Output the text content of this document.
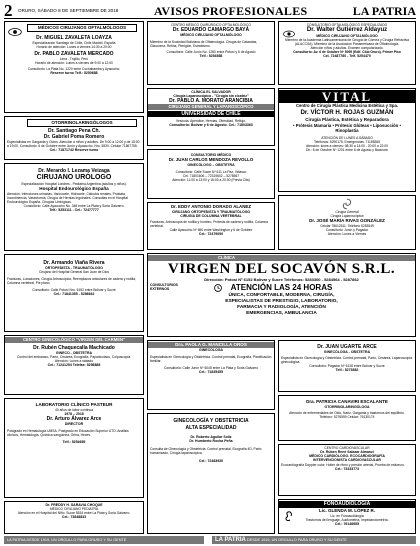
2 ORURO, SÁBADO 8 DE SEPTIEMBRE DE 2018	AVISOS PROFESIONALES	LA PATRIA
MÉDICOS CIRUJANOS OFTALMÓLOGOS
Dr. MIGUEL ZAVALETA LOAYZA
Especialización Santiago de Chile, Chile Madrid, España
Horario de atención: Lunes a viernes 14:30 a 20:00
Dr. PABLO ZAVALETA MERCADO
Lima - Trujillo, Perú
Horario de atención: Lunes a viernes de 9:00 a 12:00
Consultorio: La Plata No. 1220 entre Cochabamba y Ayacucho.
Reserve turno Telf.: 5250688
OTORRINOLARINGÓLOGOS
Dr. Santiago Pena Ch.
Dr. Gabriel Poma Romero
Especialistas en Garganta y Oídos. Atención a niños y adultos. De 9:00 a 12:00 y de 15:00 a 19:00. Consultorio: 6 de Octubre entre Junín y Ayacucho. Nro. 5530. Celular 71867755.
Cel.: 71871742 Reserve turno
Dr. Merardo I. Lezama Veizaga
CIRUJANO URÓLOGO
Especialización Hospital Londres - Pediatría Argentina (adultos y niños).
Hospital Endourológico España
Atención: Infecciones urinarias, Varicocele, Hidrocele, Cálculos renales, Próstata, Incontinencia, Vasectomía, Cirugía de Hernias inguinales. Consultas en el Hospital Endourológico España. Cirugías Urológicas.
Consultorio: Calle Ayacucho No. 346 entre La Plata y Soria Galvarro.
Telf.: 5253111 - Cel.: 72477777
Dr. Armando Viaña Rivera
ORTOPEDISTA - TRAUMATÓLOGO
Cirujano del Hospital General San Juan de Dios
Fracturas, Luxaciones, Cirugía Artroscópica, Reemplazos articulares de cadera y rodilla, Columna vertebral, Pie plano.
Consultorio: Calle Potosí Nro. 6152 entre Bolívar y Sucre
Cel.: 71841355 - 5286642
CENTRO GINECOLÓGICO "VIRGEN DEL CARMEN"
Dr. Rubén Chaquecalla Machicado
GINECO - OBSTETRA
Control del embarazo, Parto, Cesárea, Ecografía, Papanicolaou, Colposcopía.
Atención: Lunes a sábado
Cel.: 71241254 Telefax: 5256888
LABORATORIO CLÍNICO PASTEUR
40 años de labor continua
1978 – 2018
Dr. Arturo Álvarez Arce
DIRECTOR
Postgrado en Hematología UMSA. Postgrado en Educación Superior UTO. Análisis clínicos, Hematología, Química sanguínea, Orina, Heces.
Telf.: 5254665
Dr. FREDDY H. SARAVIA CHOQUE
MÉDICO CIRUJANO PEDIATRA
Atención en el Hospital del Niño. Sucre 5534 entre La Plata y Soria Galvarro.
Cel.: 73848833
CENTRO MÉDICO QUIRÚRGICO OFTALMOLÓGICO
Dr. EDUARDO CAMARGO BAYÁ
MÉDICO CIRUJANO OFTALMÓLOGO
Miembro de la Sociedad Boliviana de Oftalmología. Cirugía de Cataratas, Glaucoma, Retina, Pterigión, Estrabismo.
Consultorio: Calle Junín No. 1280 entre Potosí y 6 de Agosto
Telf.: 5254588
CLÍNICA EL SALVADOR
Cirugía Laparoscópica - "Cirugía sin cicatriz"
Dr. PABLO A. MORATO ARANCIBIA
CIRUJANO GENERAL Y LAPAROSCÓPICO
UNIVERSIDAD DE CHILE
Vesícula, Apéndice, Hernias, Obesidad, Reflujo.
Consultorio: Bolívar y 6 de Agosto. Cel.: 71803363
CONSULTORIO MÉDICO
Dr. JUAN CARLOS MENDOZA REVOLLO
GINECÓLOGO – OBSTETRA
Consultorio: Calle Sucre Nº 611 La Paz, Velasco
Cel. 71801606 – 72319602 – 5278567
Atención: 11:00 a 13:00 y 16:00 a 20:00 (Previa Cita)
Dr. EDDY ANTONIO DORADO ALANEZ
CIRUJANO ORTOPEDISTA Y TRAUMATÓLOGO
CIRUGÍA DE COLUMNA VERTEBRAL
Fracturas, Artroscopía de rodilla y hombro, Prótesis de cadera y rodilla, Columna vertebral.
Calle Ayacucho Nº 650 entre Washington y 6 de Octubre
Cel.: 72479090
CONSULTORIO OFTALMOLÓGICO ESPECIALIZADO
Dr. Walter Gutiérrez Aldayuz
MÉDICO CIRUJANO OFTALMÓLOGO
Miembro de la Academia Latinoamericana de Cirugía de Córnea y Cirugía Refractiva (ALACCSA). Miembro de la Asociación Panamericana de Oftalmología.
Atención niños y adultos. Examen computarizado.
Consultorio: Av. 6 de Octubre Nº 5099 (Edif. Club Oruro). Primer Piso
Cel. 72487780 - Telf. 5254470
VITAL
Centro de Cirugía Plástica Medicina Estética y Spa.
Dr. VÍCTOR H. ROJAS GUZMÁN
Cirugía Plástica, Estética y Reparadora
• Prótesis Mamaria • Prótesis Glúteas • Liposucción • Rinoplastia
ATENCIÓN DE LUNES A SÁBADO
Teléfonos: 5290175. Emergencias: 71185365
Atención: lunes a viernes: 08:30 a 14:00 - 20:00 a 22:00
Dir.: 6 de Octubre Nº 1201 entre 6 de Agosto y Backovic
Cirugía General
Cirugía Laparoscópica
Dr. JOSÉ MARÍA RIVAS GONZÁLEZ
Celular 78612511. Teléfono 5253549
Consultorio: Junín y Pagador
Atención: Lunes a Viernes
CLÍNICA
VIRGEN DEL SOCAVÓN S.R.L.
Dirección: Potosí Nº 6152 Bolívar y Sucre Teléfonos: 5283300 - 5284564 - 5287862
CONSULTORIOS EXTERNOS	ATENCIÓN LAS 24 HORAS
ÚNICA, CONFORTABLE, MODERNA, CIRUGÍA,
ESPECIALISTAS DE PRESTIGIO, LABORATORIO,
FARMACIA Y RADIOLOGÍA, ATENCIÓN
EMERGENCIAS, AMBULANCIA
Dra. PAOLA G. MANCILLA OROS
GINECÓLOGA
Especialista en Ginecología y Obstetricia. Control prenatal, Ecografía, Planificación familiar.
Consultorio: Calle Junín Nº 6045 entre La Plata y Soria Galvarro
Cel.: 71835455
Dr. JUAN UGARTE ARCE
GINECÓLOGA - OBSTETRA
Especialista en Ginecología y Obstetricia. Control prenatal, Parto, Cesárea, Laparoscopía ginecológica.
Consultorio: Pagador Nº 6128 entre Bolívar y Sucre
Telf.: 5273882
Dra. PATRICIA CANAVIRI ESCALANTE
OTORRINOLARINGÓLOGA
Atención de enfermedades de Oído, Nariz, Garganta y trastornos del equilibrio.
Teléfono: 5276559 Celular: 76130174
GINECOLOGÍA Y OBSTETRICIA ALTA ESPECIALIDAD
Dr. Roberto Aguilar Soliz
Dr. Humberto Rocha Peña
Consulta de Ginecología y Obstetricia: Control prenatal, Ecografía 4D, Parto humanizado, Cirugía laparoscópica.
Cel.: 72483930
CENTRO CARDIOVASCULAR
Dr. Rúben René Salazar Almanzi
MÉDICO CARDIÓLOGO. ECOCARDIOGRAFÍA
INTERVENCIONISTA CARDIOVASCULAR
Ecocardiografía Doppler color, Holter de ritmo y presión arterial, Prueba de esfuerzo.
Cel.: 73333773
FONOAUDIOLOGÍA
Lic. GLENDA M. LÓPEZ R.
Lic. en Fonoaudiología
Trastornos del lenguaje, Audiometría, Impedanciometría.
Cel.: 76146655
LA PATRIA DESDE 1919, UN ORGULLO PARA ORURO Y SU GENTE	LA PATRIA DESDE 1919, UN ORGULLO PARA ORURO Y SU GENTE
